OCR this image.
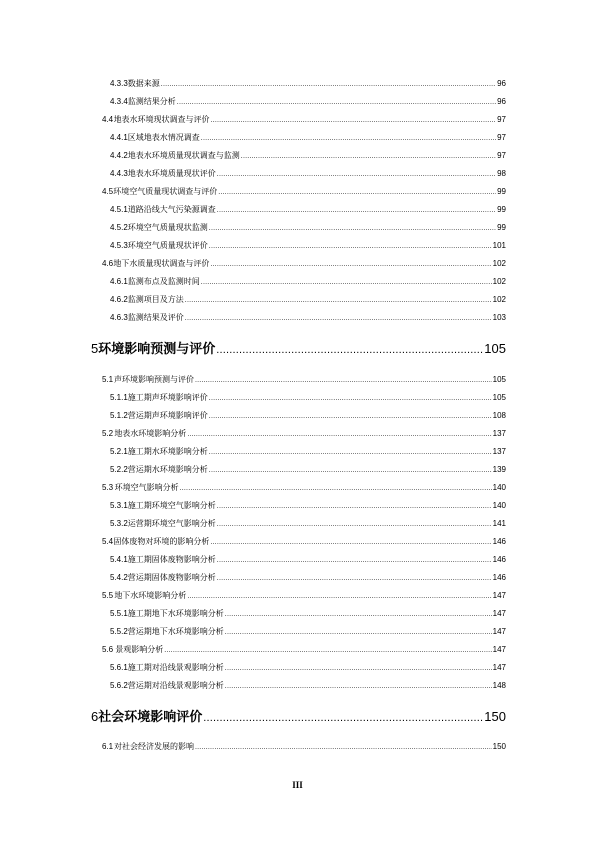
4.3.3 数据来源 .....	96
4.3.4 监测结果分析 .....	96
4.4 地表水环境现状调查与评价 .....	97
4.4.1 区域地表水情况调查 .....	97
4.4.2 地表水环境质量现状调查与监测 .....	97
4.4.3 地表水环境质量现状评价 .....	98
4.5 环境空气质量现状调查与评价 .....	99
4.5.1 道路沿线大气污染源调查 .....	99
4.5.2 环境空气质量现状监测 .....	99
4.5.3 环境空气质量现状评价 .....	101
4.6 地下水质量现状调查与评价 .....	102
4.6.1 监测布点及监测时间 .....	102
4.6.2 监测项目及方法 .....	102
4.6.3 监测结果及评价 .....	103
5 环境影响预测与评价 .....	105
5.1 声环境影响预测与评价 .....	105
5.1.1 施工期声环境影响评价 .....	105
5.1.2 营运期声环境影响评价 .....	108
5.2 地表水环境影响分析 .....	137
5.2.1 施工期水环境影响分析 .....	137
5.2.2 营运期水环境影响分析 .....	139
5.3 环境空气影响分析 .....	140
5.3.1 施工期环境空气影响分析 .....	140
5.3.2 运营期环境空气影响分析 .....	141
5.4 固体废物对环境的影响分析 .....	146
5.4.1 施工期固体废物影响分析 .....	146
5.4.2 营运期固体废物影响分析 .....	146
5.5 地下水环境影响分析 .....	147
5.5.1 施工期地下水环境影响分析 .....	147
5.5.2 营运期地下水环境影响分析 .....	147
5.6 景观影响分析 .....	147
5.6.1 施工期对沿线景观影响分析 .....	147
5.6.2 营运期对沿线景观影响分析 .....	148
6 社会环境影响评价 .....	150
6.1 对社会经济发展的影响 .....	150
III
